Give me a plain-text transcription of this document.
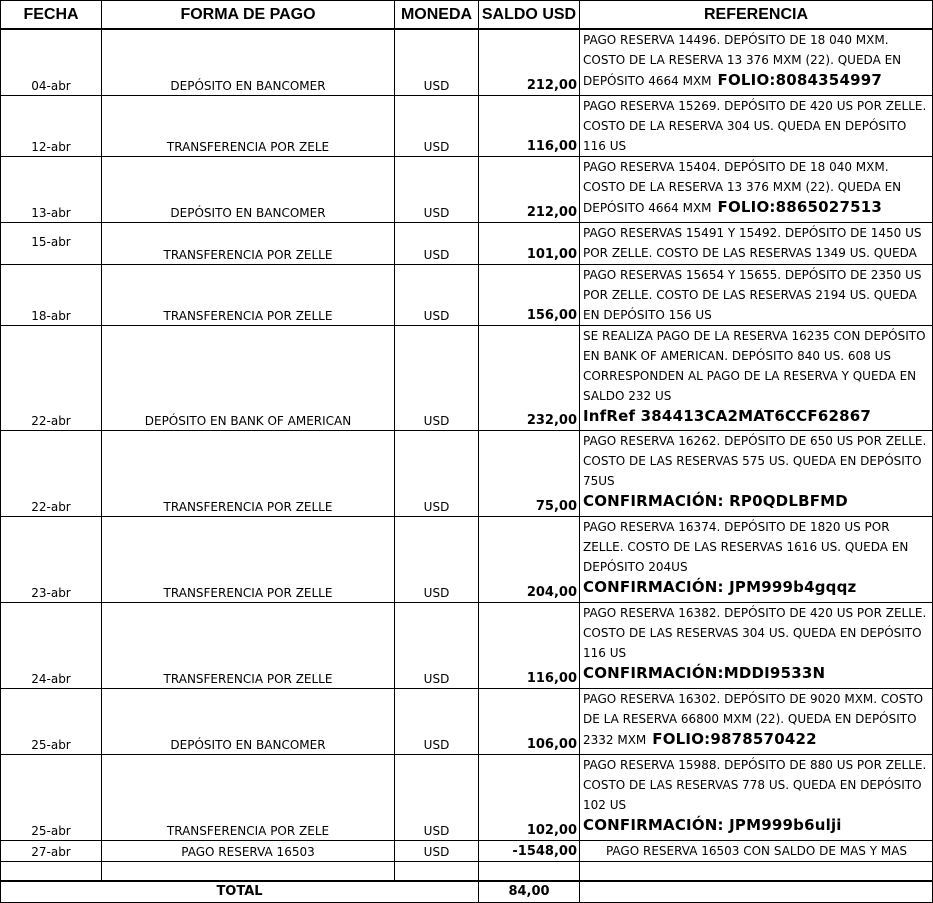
FECHA	FORMA DE PAGO	MONEDA	SALDO USD	REFERENCIA
04-abr	DEPÓSITO EN BANCOMER	USD	212,00	PAGO RESERVA 14496. DEPÓSITO DE 18 040 MXM. COSTO DE LA RESERVA 13 376 MXM (22). QUEDA EN DEPÓSITO 4664 MXM FOLIO:8084354997
12-abr	TRANSFERENCIA POR ZELE	USD	116,00	PAGO RESERVA 15269. DEPÓSITO DE 420 US POR ZELLE. COSTO DE LA RESERVA 304 US. QUEDA EN DEPÓSITO 116 US
13-abr	DEPÓSITO EN BANCOMER	USD	212,00	PAGO RESERVA 15404. DEPÓSITO DE 18 040 MXM. COSTO DE LA RESERVA 13 376 MXM (22). QUEDA EN DEPÓSITO 4664 MXM FOLIO:8865027513
15-abr	TRANSFERENCIA POR ZELLE	USD	101,00	PAGO RESERVAS 15491 Y 15492. DEPÓSITO DE 1450 US POR ZELLE. COSTO DE LAS RESERVAS 1349 US. QUEDA

18-abr	TRANSFERENCIA POR ZELLE	USD	156,00	PAGO RESERVAS 15654 Y 15655. DEPÓSITO DE 2350 US POR ZELLE. COSTO DE LAS RESERVAS 2194 US. QUEDA EN DEPÓSITO 156 US
22-abr	DEPÓSITO EN BANK OF AMERICAN	USD	232,00	SE REALIZA PAGO DE LA RESERVA 16235 CON DEPÓSITO EN BANK OF AMERICAN. DEPÓSITO 840 US. 608 US CORRESPONDEN AL PAGO DE LA RESERVA Y QUEDA EN SALDO 232 US
InfRef 384413CA2MAT6CCF62867

22-abr	TRANSFERENCIA POR ZELLE	USD	75,00	PAGO RESERVA 16262. DEPÓSITO DE 650 US POR ZELLE. COSTO DE LAS RESERVAS 575 US. QUEDA EN DEPÓSITO 75US
CONFIRMACIÓN: RP0QDLBFMD

23-abr	TRANSFERENCIA POR ZELLE	USD	204,00	PAGO RESERVA 16374. DEPÓSITO DE 1820 US POR ZELLE. COSTO DE LAS RESERVAS 1616 US. QUEDA EN DEPÓSITO 204US
CONFIRMACIÓN: JPM999b4gqqz

24-abr	TRANSFERENCIA POR ZELLE	USD	116,00	PAGO RESERVA 16382. DEPÓSITO DE 420 US POR ZELLE. COSTO DE LAS RESERVAS 304 US. QUEDA EN DEPÓSITO 116 US
CONFIRMACIÓN:MDDI9533N

25-abr	DEPÓSITO EN BANCOMER	USD	106,00	PAGO RESERVA 16302. DEPÓSITO DE 9020 MXM. COSTO DE LA RESERVA 66800 MXM (22). QUEDA EN DEPÓSITO 2332 MXM FOLIO:9878570422
25-abr	TRANSFERENCIA POR ZELE	USD	102,00	PAGO RESERVA 15988. DEPÓSITO DE 880 US POR ZELLE. COSTO DE LAS RESERVAS 778 US. QUEDA EN DEPÓSITO 102 US
CONFIRMACIÓN: JPM999b6ulji

27-abr	PAGO RESERVA 16503	USD	-1548,00	PAGO RESERVA 16503 CON SALDO DE MAS Y MAS

TOTAL			84,00	
